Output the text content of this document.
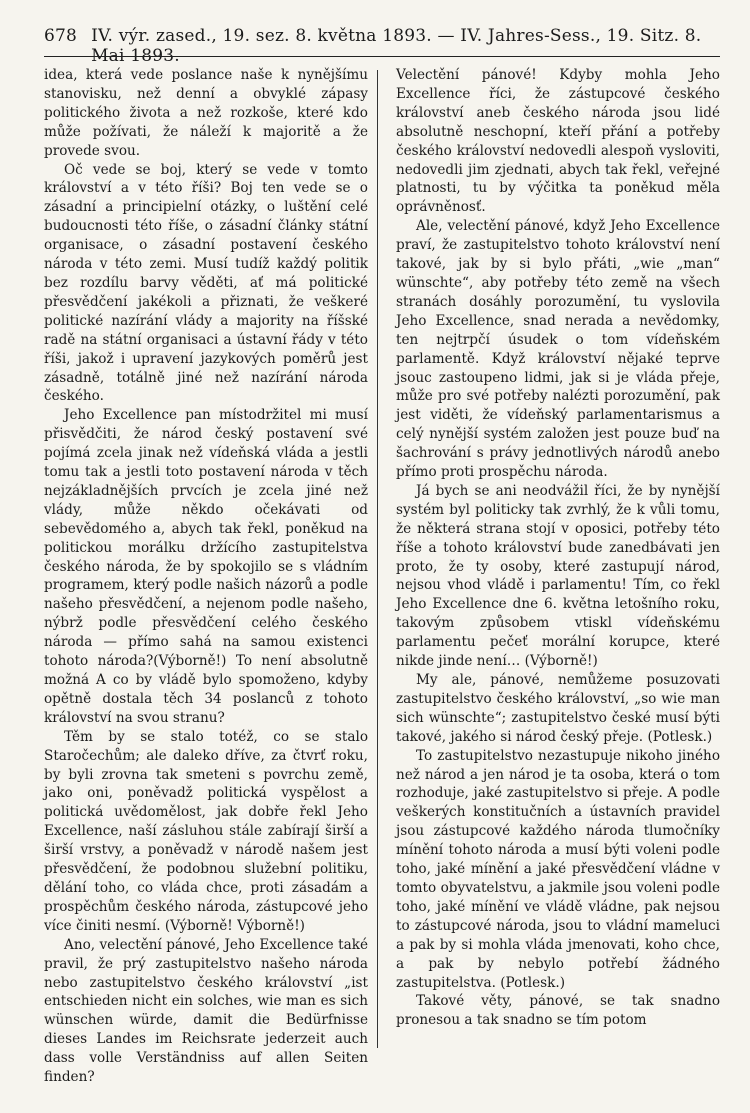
678 IV. výr. zased., 19. sez. 8. května 1893. — IV. Jahres-Sess., 19. Sitz. 8. Mai 1893.

idea, která vede poslance naše k nynějšímu stanovisku, než denní a obvyklé zápasy politického života a než rozkoše, které kdo může požívati, že náleží k majoritě a že provede svou.

Oč vede se boj, který se vede v tomto království a v této říši? Boj ten vede se o zásadní a principielní otázky, o luštění celé budoucnosti této říše, o zásadní články státní organisace, o zásadní postavení českého národa v této zemi. Musí tudíž každý politik bez rozdílu barvy věděti, ať má politické přesvědčení jakékoli a přiznati, že veškeré politické nazírání vlády a majority na říšské radě na státní organisaci a ústavní řády v této říši, jakož i upravení jazykových poměrů jest zásadně, totálně jiné než nazírání národa českého.

Jeho Excellence pan místodržitel mi musí přisvědčiti, že národ český postavení své pojímá zcela jinak než vídeňská vláda a jestli tomu tak a jestli toto postavení národa v těch nejzákladnějších prvcích je zcela jiné než vlády, může někdo očekávati od sebevědomého a, abych tak řekl, poněkud na politickou morálku držícího zastupitelstva českého národa, že by spokojilo se s vládním programem, který podle našich názorů a podle našeho přesvědčení, a nejenom podle našeho, nýbrž podle přesvědčení celého českého národa — přímo sahá na samou existenci tohoto národa?(Výborně!) To není absolutně možná A co by vládě bylo spomoženo, kdyby opětně dostala těch 34 poslanců z tohoto království na svou stranu?

Těm by se stalo totéž, co se stalo Staročechům; ale daleko dříve, za čtvrť roku, by byli zrovna tak smeteni s povrchu země, jako oni, poněvadž politická vyspělost a politická uvědomělost, jak dobře řekl Jeho Excellence, naší zásluhou stále zabírají širší a širší vrstvy, a poněvadž v národě našem jest přesvědčení, že podobnou služební politiku, dělání toho, co vláda chce, proti zásadám a prospěchům českého národa, zástupcové jeho více činiti nesmí. (Výborně! Výborně!)

Ano, velectění pánové, Jeho Excellence také pravil, že prý zastupitelstvo našeho národa nebo zastupitelstvo českého království „ist entschieden nicht ein solches, wie man es sich wünschen würde, damit die Bedürfnisse dieses Landes im Reichsrate jederzeit auch dass volle Verständniss auf allen Seiten finden?

Velectění pánové! Kdyby mohla Jeho Excellence říci, že zástupcové českého království aneb českého národa jsou lidé absolutně neschopní, kteří přání a potřeby českého království nedovedli alespoň vysloviti, nedovedli jim zjednati, abych tak řekl, veřejné platnosti, tu by výčitka ta poněkud měla oprávněnosť.

Ale, velectění pánové, když Jeho Excellence praví, že zastupitelstvo tohoto království není takové, jak by si bylo přáti, „wie „man“ wünschte“, aby potřeby této země na všech stranách dosáhly porozumění, tu vyslovila Jeho Excellence, snad nerada a nevědomky, ten nejtrpčí úsudek o tom vídeňském parlamentě. Když království nějaké teprve jsouc zastoupeno lidmi, jak si je vláda přeje, může pro své potřeby nalézti porozumění, pak jest viděti, že vídeňský parlamentarismus a celý nynější systém založen jest pouze buď na šachrování s právy jednotlivých národů anebo přímo proti prospěchu národa.

Já bych se ani neodvážil říci, že by nynější systém byl politicky tak zvrhlý, že k vůli tomu, že některá strana stojí v oposici, potřeby této říše a tohoto království bude zanedbávati jen proto, že ty osoby, které zastupují národ, nejsou vhod vládě i parlamentu! Tím, co řekl Jeho Excellence dne 6. května letošního roku, takovým způsobem vtiskl vídeňskému parlamentu pečeť morální korupce, které nikde jinde není… (Výborně!)

My ale, pánové, nemůžeme posuzovati zastupitelstvo českého království, „so wie man sich wünschte“; zastupitelstvo české musí býti takové, jakého si národ český přeje. (Potlesk.)

To zastupitelstvo nezastupuje nikoho jiného než národ a jen národ je ta osoba, která o tom rozhoduje, jaké zastupitelstvo si přeje. A podle veškerých konstitučních a ústavních pravidel jsou zástupcové každého národa tlumočníky mínění tohoto národa a musí býti voleni podle toho, jaké mínění a jaké přesvědčení vládne v tomto obyvatelstvu, a jakmile jsou voleni podle toho, jaké mínění ve vládě vládne, pak nejsou to zástupcové národa, jsou to vládní mameluci a pak by si mohla vláda jmenovati, koho chce, a pak by nebylo potřebí žádného zastupitelstva. (Potlesk.)

Takové věty, pánové, se tak snadno pronesou a tak snadno se tím potom
